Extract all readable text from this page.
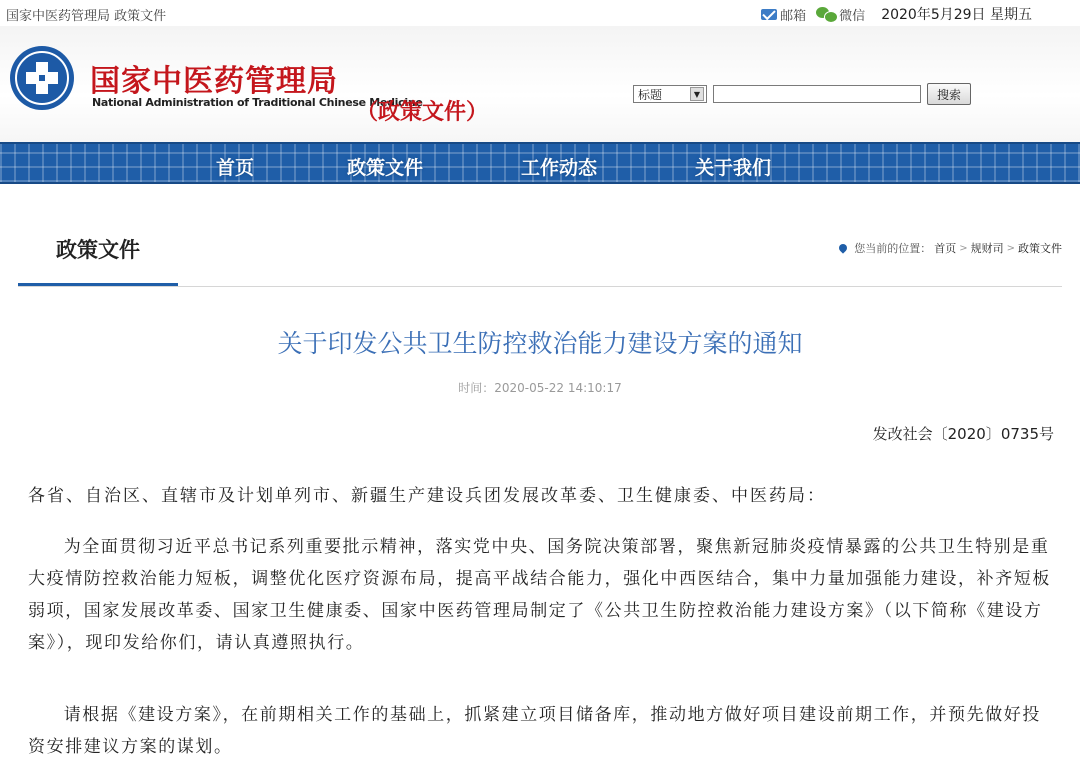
国家中医药管理局 政策文件	邮箱	微信 2020年5月29日 星期五
国家中医药管理局
National Administration of Traditional Chinese Medicine
（政策文件）
标题	▼	搜索
首页	政策文件	工作动态	关于我们
政策文件	您当前的位置： 首页 > 规财司 > 政策文件
关于印发公共卫生防控救治能力建设方案的通知
时间：2020-05-22 14:10:17
发改社会〔2020〕0735号
各省、自治区、直辖市及计划单列市、新疆生产建设兵团发展改革委、卫生健康委、中医药局：

为全面贯彻习近平总书记系列重要批示精神，落实党中央、国务院决策部署，聚焦新冠肺炎疫情暴露的公共卫生特别是重大疫情防控救治能力短板，调整优化医疗资源布局，提高平战结合能力，强化中西医结合，集中力量加强能力建设，补齐短板弱项，国家发展改革委、国家卫生健康委、国家中医药管理局制定了《公共卫生防控救治能力建设方案》（以下简称《建设方案》），现印发给你们，请认真遵照执行。

请根据《建设方案》，在前期相关工作的基础上，抓紧建立项目储备库，推动地方做好项目建设前期工作，并预先做好投资安排建议方案的谋划。
